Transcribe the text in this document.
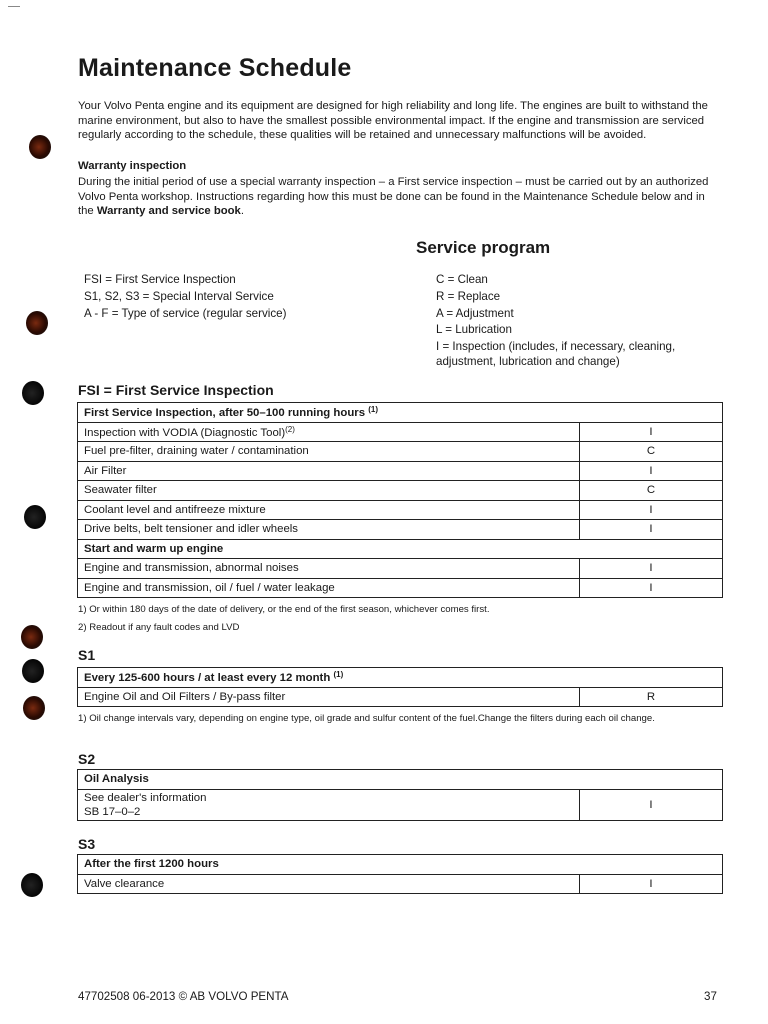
Maintenance Schedule

Your Volvo Penta engine and its equipment are designed for high reliability and long life. The engines are built to withstand the marine environment, but also to have the smallest possible environmental impact. If the engine and transmission are serviced regularly according to the schedule, these qualities will be retained and unnecessary malfunctions will be avoided.

Warranty inspection

During the initial period of use a special warranty inspection – a First service inspection – must be carried out by an authorized Volvo Penta workshop. Instructions regarding how this must be done can be found in the Maintenance Schedule below and in the Warranty and service book.

Service program
FSI = First Service Inspection
S1, S2, S3 = Special Interval Service
A - F = Type of service (regular service)
C = Clean
R = Replace
A = Adjustment
L = Lubrication
I = Inspection (includes, if necessary, cleaning, adjustment, lubrication and change)
FSI = First Service Inspection
First Service Inspection, after 50–100 running hours $^{(1)}$
Inspection with VODIA (Diagnostic Tool)$^{(2)}$	I
Fuel pre-filter, draining water / contamination	C
Air Filter	I
Seawater filter	C
Coolant level and antifreeze mixture	I
Drive belts, belt tensioner and idler wheels	I
Start and warm up engine	
Engine and transmission, abnormal noises	I
Engine and transmission, oil / fuel / water leakage	I

1) Or within 180 days of the date of delivery, or the end of the first season, whichever comes first.

2) Readout if any fault codes and LVD

S1
Every 125-600 hours / at least every 12 month $^{(1)}$
Engine Oil and Oil Filters / By-pass filter	R

1) Oil change intervals vary, depending on engine type, oil grade and sulfur content of the fuel.Change the filters during each oil change.

S2
Oil Analysis

See dealer's information
SB 17–0–2
	I
S3
After the first 1200 hours
Valve clearance	I
47702508 06-2013 © AB VOLVO PENTA	37
